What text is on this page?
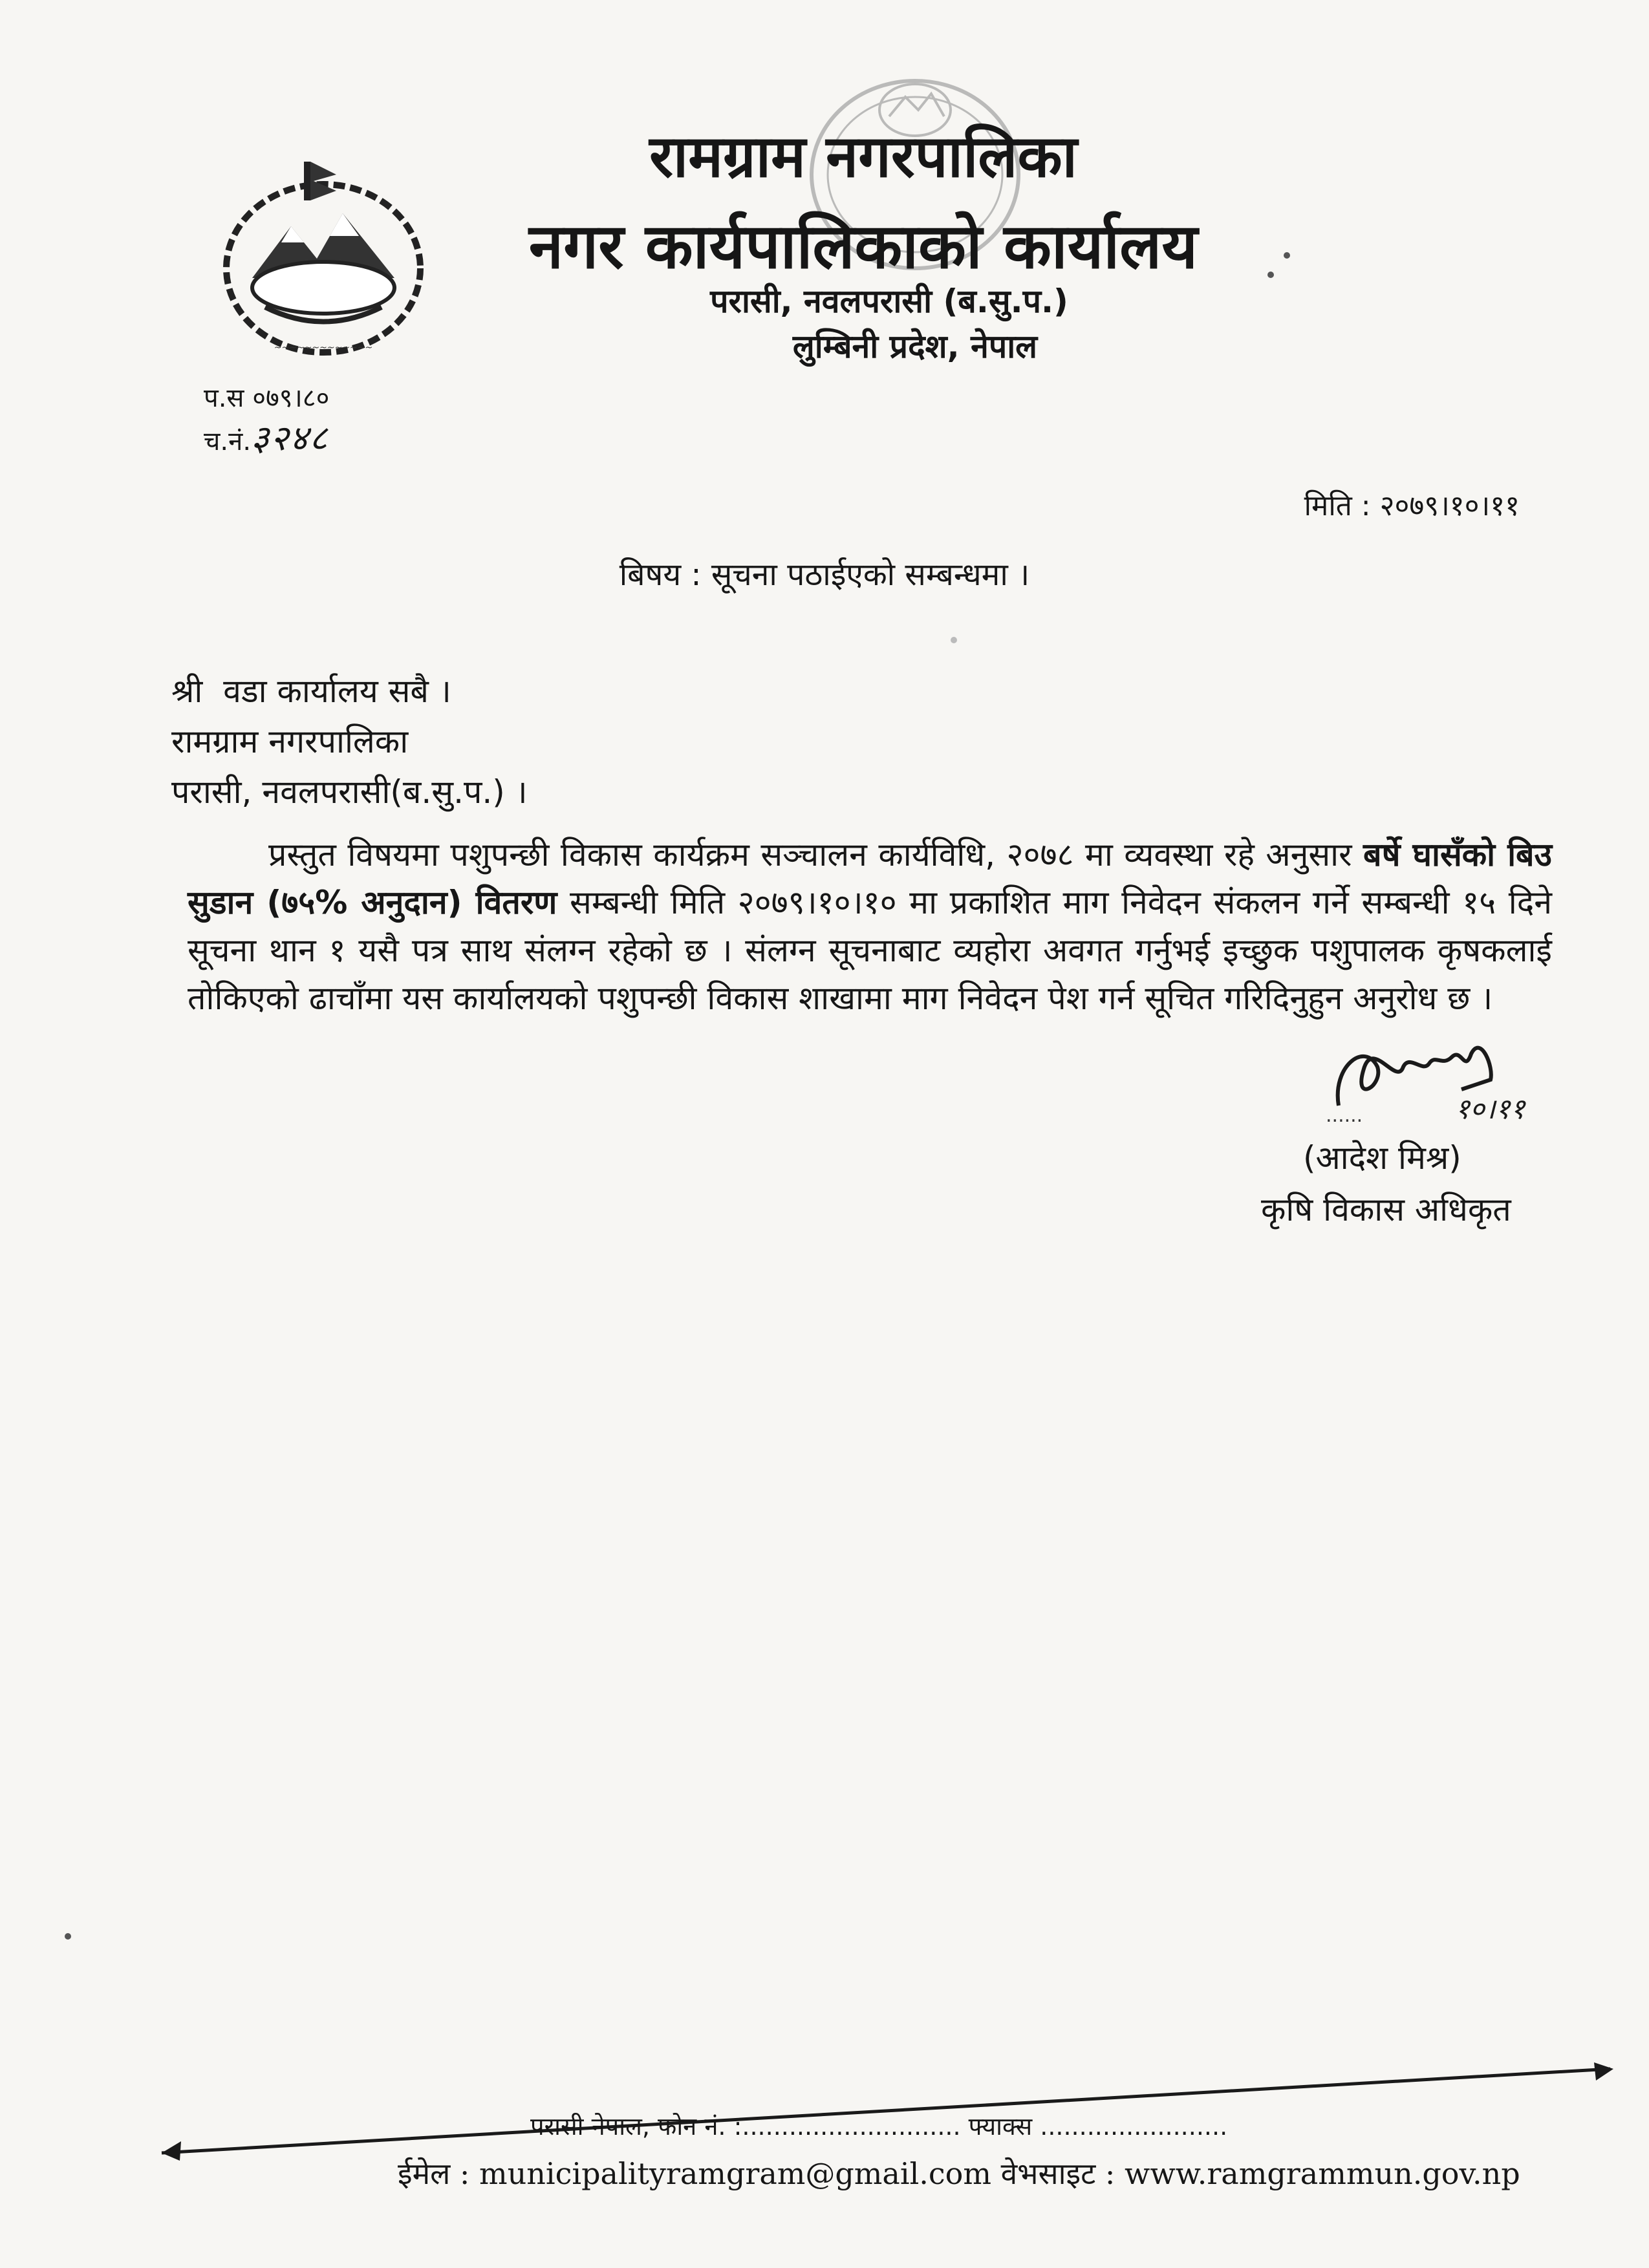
~~~~~~~~~~~~~
रामग्राम नगरपालिका
नगर कार्यपालिकाको कार्यालय
परासी, नवलपरासी (ब.सु.प.)
लुम्बिनी प्रदेश, नेपाल
प.स ०७९।८०
च.नं.३२४८
मिति : २०७९।१०।११
बिषय : सूचना पठाईएको सम्बन्धमा ।
श्री  वडा कार्यालय सबै ।
रामग्राम नगरपालिका
परासी, नवलपरासी(ब.सु.प.) ।

प्रस्तुत विषयमा पशुपन्छी विकास कार्यक्रम सञ्चालन कार्यविधि, २०७८ मा व्यवस्था रहे अनुसार बर्षे घासँको बिउ सुडान (७५% अनुदान) वितरण सम्बन्धी मिति २०७९।१०।१० मा प्रकाशित माग निवेदन संकलन गर्ने सम्बन्धी १५ दिने सूचना थान १ यसै पत्र साथ संलग्न रहेको छ । संलग्न सूचनाबाट व्यहोरा अवगत गर्नुभई इच्छुक पशुपालक कृषकलाई तोकिएको ढाचाँमा यस कार्यालयको पशुपन्छी विकास शाखामा माग निवेदन पेश गर्न सूचित गरिदिनुहुन अनुरोध छ ।

१०।११
......
(आदेश मिश्र)
कृषि विकास अधिकृत
परासी नेपाल, फोन नं. :............................ फ्याक्स ........................
ईमेल : municipalityramgram@gmail.com वेभसाइट : www.ramgrammun.gov.np
